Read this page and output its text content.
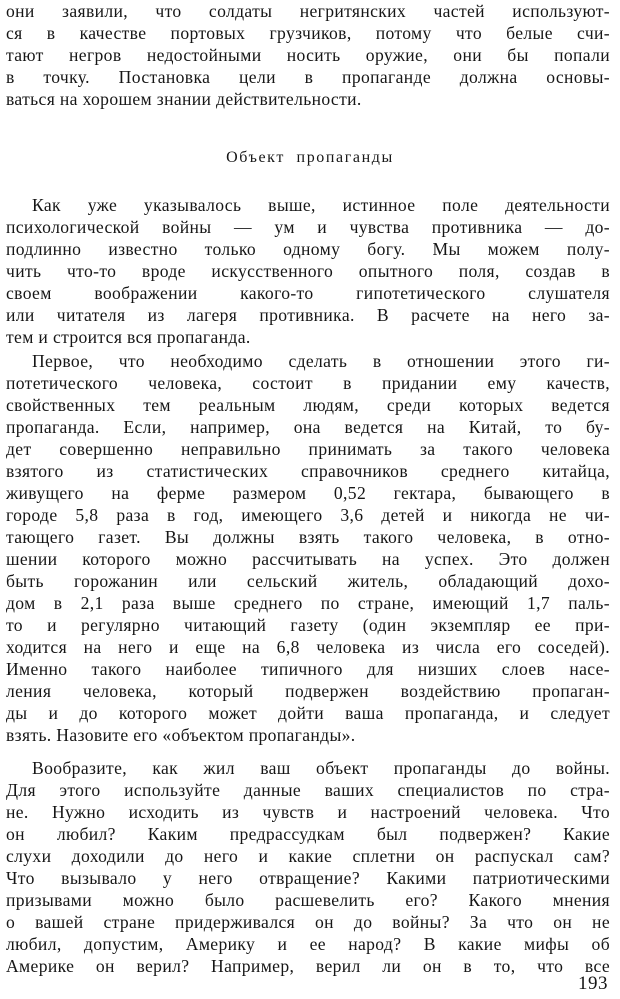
они заявили, что солдаты негритянских частей используют-
ся в качестве портовых грузчиков, потому что белые счи-
тают негров недостойными носить оружие, они бы попали
в точку. Постановка цели в пропаганде должна основы-
ваться на хорошем знании действительности.
Объект пропаганды
Как уже указывалось выше, истинное поле деятельности
психологической войны — ум и чувства противника — до-
подлинно известно только одному богу. Мы можем полу-
чить что-то вроде искусственного опытного поля, создав в
своем воображении какого-то гипотетического слушателя
или читателя из лагеря противника. В расчете на него за-
тем и строится вся пропаганда.
Первое, что необходимо сделать в отношении этого ги-
потетического человека, состоит в придании ему качеств,
свойственных тем реальным людям, среди которых ведется
пропаганда. Если, например, она ведется на Китай, то бу-
дет совершенно неправильно принимать за такого человека
взятого из статистических справочников среднего китайца,
живущего на ферме размером 0,52 гектара, бывающего в
городе 5,8 раза в год, имеющего 3,6 детей и никогда не чи-
тающего газет. Вы должны взять такого человека, в отно-
шении которого можно рассчитывать на успех. Это должен
быть горожанин или сельский житель, обладающий дохо-
дом в 2,1 раза выше среднего по стране, имеющий 1,7 паль-
то и регулярно читающий газету (один экземпляр ее при-
ходится на него и еще на 6,8 человека из числа его соседей).
Именно такого наиболее типичного для низших слоев насе-
ления человека, который подвержен воздействию пропаган-
ды и до которого может дойти ваша пропаганда, и следует
взять. Назовите его «объектом пропаганды».
Вообразите, как жил ваш объект пропаганды до войны.
Для этого используйте данные ваших специалистов по стра-
не. Нужно исходить из чувств и настроений человека. Что
он любил? Каким предрассудкам был подвержен? Какие
слухи доходили до него и какие сплетни он распускал сам?
Что вызывало у него отвращение? Какими патриотическими
призывами можно было расшевелить его? Какого мнения
о вашей стране придерживался он до войны? За что он не
любил, допустим, Америку и ее народ? В какие мифы об
Америке он верил? Например, верил ли он в то, что все
193
